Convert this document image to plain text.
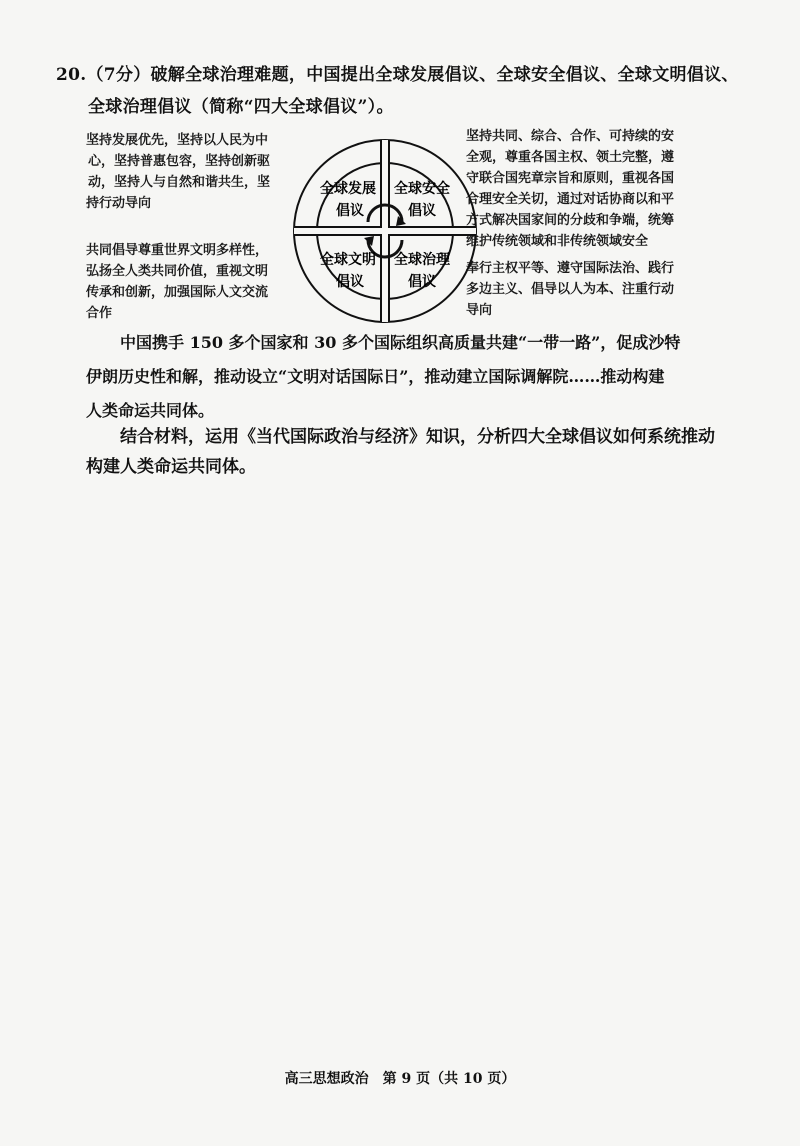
20.（7分）破解全球治理难题，中国提出全球发展倡议、全球安全倡议、全球文明倡议、
全球治理倡议（简称“四大全球倡议”）。
坚持发展优先，坚持以人民为中
心，坚持普惠包容，坚持创新驱
动，坚持人与自然和谐共生，坚
持行动导向
共同倡导尊重世界文明多样性，
弘扬全人类共同价值，重视文明
传承和创新，加强国际人文交流
合作
坚持共同、综合、合作、可持续的安
全观，尊重各国主权、领土完整，遵
守联合国宪章宗旨和原则，重视各国
合理安全关切，通过对话协商以和平
方式解决国家间的分歧和争端，统筹
维护传统领域和非传统领域安全
奉行主权平等、遵守国际法治、践行
多边主义、倡导以人为本、注重行动
导向
全球发展
倡议
全球安全
倡议
全球文明
倡议
全球治理
倡议
中国携手 150 多个国家和 30 多个国际组织高质量共建“一带一路”，促成沙特
伊朗历史性和解，推动设立“文明对话国际日”，推动建立国际调解院……推动构建
人类命运共同体。
结合材料，运用《当代国际政治与经济》知识，分析四大全球倡议如何系统推动
构建人类命运共同体。
高三思想政治　第 9 页（共 10 页）
